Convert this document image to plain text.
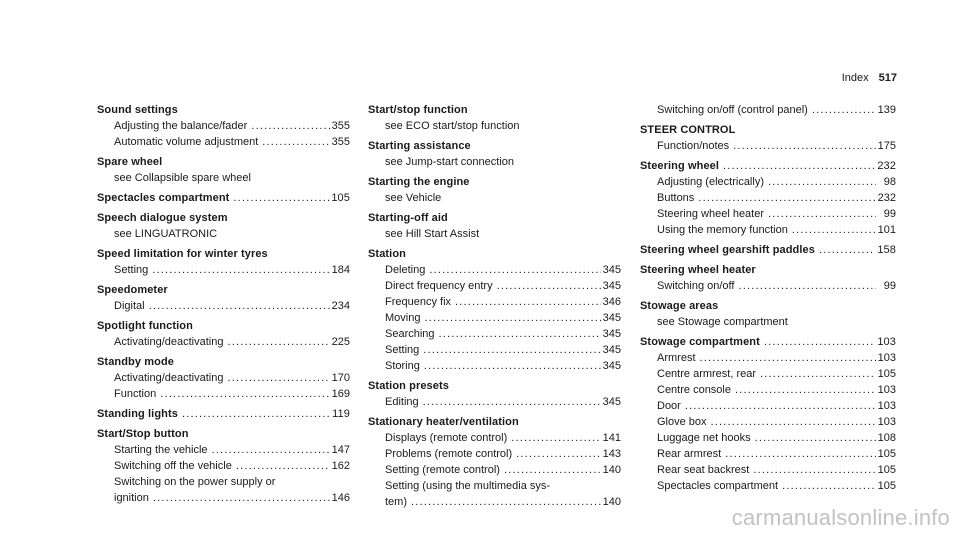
Index 517
Sound settings
Adjusting the balance/fader .....	355
Automatic volume adjustment .....	355
Spare wheel
see Collapsible spare wheel
Spectacles compartment .....	105
Speech dialogue system
see LINGUATRONIC
Speed limitation for winter tyres
Setting .....	184
Speedometer
Digital .....	234
Spotlight function
Activating/deactivating .....	225
Standby mode
Activating/deactivating .....	170
Function .....	169
Standing lights .....	119
Start/Stop button
Starting the vehicle .....	147
Switching off the vehicle .....	162
Switching on the power supply or
ignition .....	146
Start/stop function
see ECO start/stop function
Starting assistance
see Jump-start connection
Starting the engine
see Vehicle
Starting-off aid
see Hill Start Assist
Station
Deleting .....	345
Direct frequency entry .....	345
Frequency fix .....	346
Moving .....	345
Searching .....	345
Setting .....	345
Storing .....	345
Station presets
Editing .....	345
Stationary heater/ventilation
Displays (remote control) .....	141
Problems (remote control) .....	143
Setting (remote control) .....	140
Setting (using the multimedia sys-
tem) .....	140
Switching on/off (control panel) .....	139
STEER CONTROL
Function/notes .....	175
Steering wheel .....	232
Adjusting (electrically) .....	98
Buttons .....	232
Steering wheel heater .....	99
Using the memory function .....	101
Steering wheel gearshift paddles .....	158
Steering wheel heater
Switching on/off .....	99
Stowage areas
see Stowage compartment
Stowage compartment .....	103
Armrest .....	103
Centre armrest, rear .....	105
Centre console .....	103
Door .....	103
Glove box .....	103
Luggage net hooks .....	108
Rear armrest .....	105
Rear seat backrest .....	105
Spectacles compartment .....	105
carmanualsonline.info
